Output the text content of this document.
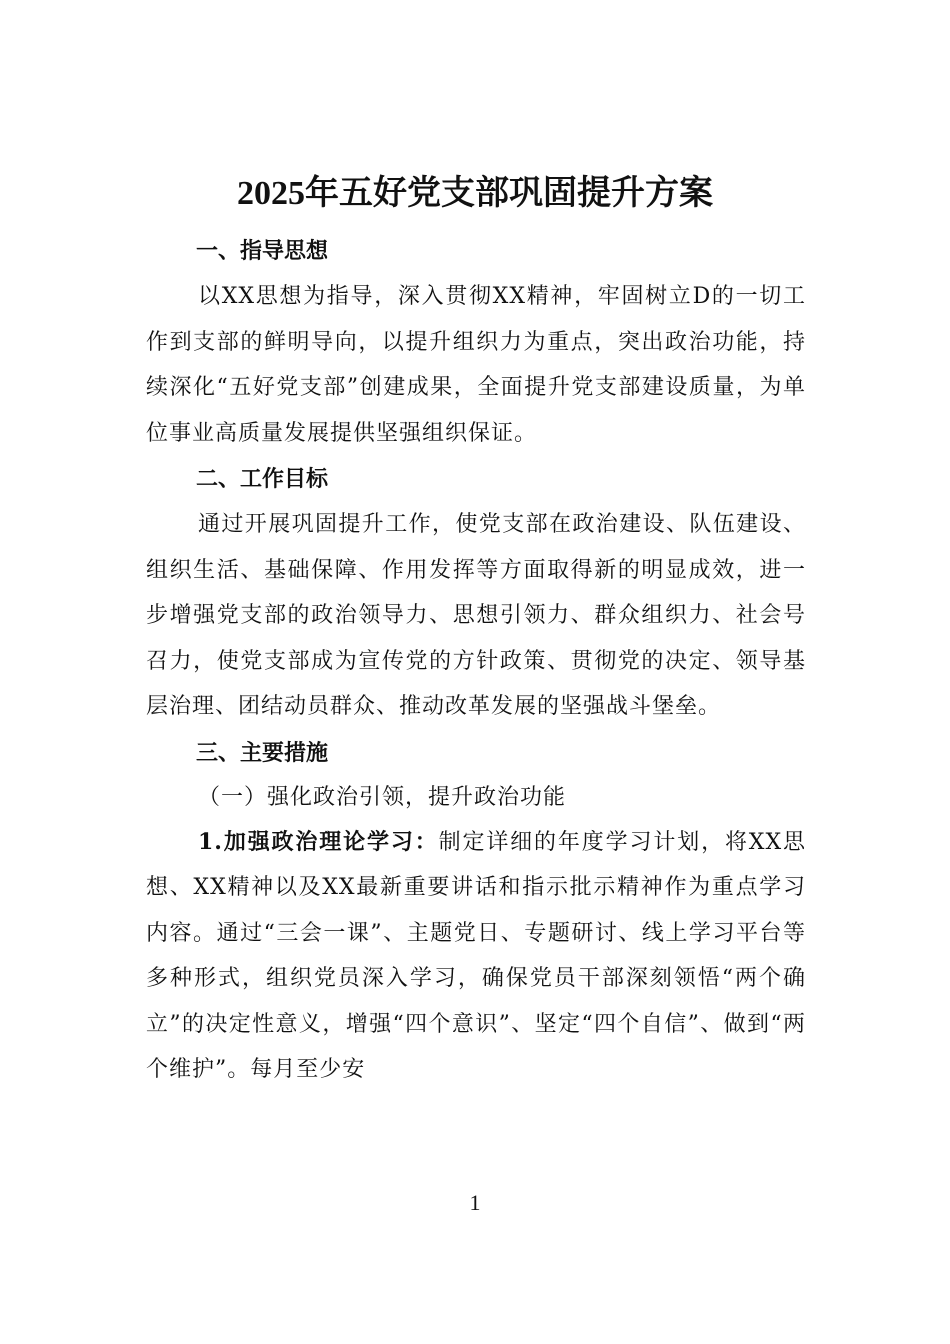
2025年五好党支部巩固提升方案
一、指导思想

以XX思想为指导，深入贯彻XX精神，牢固树立D的一切工作到支部的鲜明导向，以提升组织力为重点，突出政治功能，持续深化“五好党支部”创建成果，全面提升党支部建设质量，为单位事业高质量发展提供坚强组织保证。

二、工作目标

通过开展巩固提升工作，使党支部在政治建设、队伍建设、组织生活、基础保障、作用发挥等方面取得新的明显成效，进一步增强党支部的政治领导力、思想引领力、群众组织力、社会号召力，使党支部成为宣传党的方针政策、贯彻党的决定、领导基层治理、团结动员群众、推动改革发展的坚强战斗堡垒。

三、主要措施
（一）强化政治引领，提升政治功能

1.加强政治理论学习：制定详细的年度学习计划，将XX思想、XX精神以及XX最新重要讲话和指示批示精神作为重点学习内容。通过“三会一课”、主题党日、专题研讨、线上学习平台等多种形式，组织党员深入学习，确保党员干部深刻领悟“两个确立”的决定性意义，增强“四个意识”、坚定“四个自信”、做到“两个维护”。每月至少安

1
